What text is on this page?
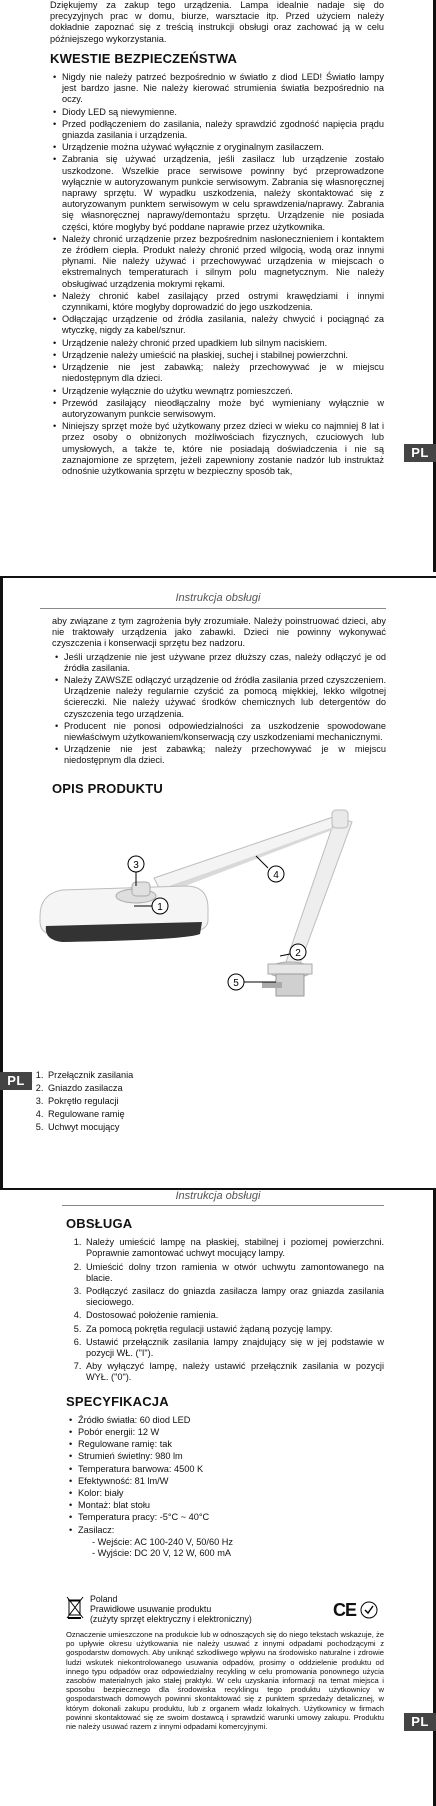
Dziękujemy za zakup tego urządzenia. Lampa idealnie nadaje się do precyzyjnych prac w domu, biurze, warsztacie itp. Przed użyciem należy dokładnie zapoznać się z treścią instrukcji obsługi oraz zachować ją w celu późniejszego wykorzystania.

KWESTIE BEZPIECZEŃSTWA
• Nigdy nie należy patrzeć bezpośrednio w światło z diod LED! Światło lampy jest bardzo jasne. Nie należy kierować strumienia światła bezpośrednio na oczy.
• Diody LED są niewymienne.
• Przed podłączeniem do zasilania, należy sprawdzić zgodność napięcia prądu gniazda zasilania i urządzenia.
• Urządzenie można używać wyłącznie z oryginalnym zasilaczem.
• Zabrania się używać urządzenia, jeśli zasilacz lub urządzenie zostało uszkodzone. Wszelkie prace serwisowe powinny być przeprowadzone wyłącznie w autoryzowanym punkcie serwisowym. Zabrania się własnoręcznej naprawy sprzętu. W wypadku uszkodzenia, należy skontaktować się z autoryzowanym punktem serwisowym w celu sprawdzenia/naprawy. Zabrania się własnoręcznej naprawy/demontażu sprzętu. Urządzenie nie posiada części, które mogłyby być poddane naprawie przez użytkownika.
• Należy chronić urządzenie przez bezpośrednim nasłonecznieniem i kontaktem ze źródłem ciepła. Produkt należy chronić przed wilgocią, wodą oraz innymi płynami. Nie należy używać i przechowywać urządzenia w miejscach o ekstremalnych temperaturach i silnym polu magnetycznym. Nie należy obsługiwać urządzenia mokrymi rękami.
• Należy chronić kabel zasilający przed ostrymi krawędziami i innymi czynnikami, które mogłyby doprowadzić do jego uszkodzenia.
• Odłączając urządzenie od źródła zasilania, należy chwycić i pociągnąć za wtyczkę, nigdy za kabel/sznur.
• Urządzenie należy chronić przed upadkiem lub silnym naciskiem.
• Urządzenie należy umieścić na płaskiej, suchej i stabilnej powierzchni.
• Urządzenie nie jest zabawką; należy przechowywać je w miejscu niedostępnym dla dzieci.
• Urządzenie wyłącznie do użytku wewnątrz pomieszczeń.
• Przewód zasilający nieodłączalny może być wymieniany wyłącznie w autoryzowanym punkcie serwisowym.
• Niniejszy sprzęt może być użytkowany przez dzieci w wieku co najmniej 8 lat i przez osoby o obniżonych możliwościach fizycznych, czuciowych lub umysłowych, a także te, które nie posiadają doświadczenia i nie są zaznajomione ze sprzętem, jeżeli zapewniony zostanie nadzór lub instruktaż odnośnie użytkowania sprzętu w bezpieczny sposób tak,
PL
Instrukcja obsługi

aby związane z tym zagrożenia były zrozumiałe. Należy poinstruować dzieci, aby nie traktowały urządzenia jako zabawki. Dzieci nie powinny wykonywać czyszczenia i konserwacji sprzętu bez nadzoru.

• Jeśli urządzenie nie jest używane przez dłuższy czas, należy odłączyć je od źródła zasilania.
• Należy ZAWSZE odłączyć urządzenie od źródła zasilania przed czyszczeniem. Urządzenie należy regularnie czyścić za pomocą miękkiej, lekko wilgotnej ściereczki. Nie należy używać środków chemicznych lub detergentów do czyszczenia tego urządzenia.
• Producent nie ponosi odpowiedzialności za uszkodzenie spowodowane niewłaściwym użytkowaniem/konserwacją czy uszkodzeniami mechanicznymi.
• Urządzenie nie jest zabawką; należy przechowywać je w miejscu niedostępnym dla dzieci.
OPIS PRODUKTU
1
2
3
4
5
PL
1.	Przełącznik zasilania
2. Gniazdo zasilacza
3. Pokrętło regulacji
4. Regulowane ramię
5. Uchwyt mocujący
Instrukcja obsługi
OBSŁUGA
1. Należy umieścić lampę na płaskiej, stabilnej i poziomej powierzchni. Poprawnie zamontować uchwyt mocujący lampy.
2. Umieścić dolny trzon ramienia w otwór uchwytu zamontowanego na blacie.
3. Podłączyć zasilacz do gniazda zasilacza lampy oraz gniazda zasilania sieciowego.
4. Dostosować położenie ramienia.
5. Za pomocą pokrętła regulacji ustawić żądaną pozycję lampy.
6. Ustawić przełącznik zasilania lampy znajdujący się w jej podstawie w pozycji WŁ. ("I").
7. Aby wyłączyć lampę, należy ustawić przełącznik zasilania w pozycji WYŁ. ("0").
SPECYFIKACJA
• Źródło światła: 60 diod LED
• Pobór energii: 12 W
• Regulowane ramię: tak
• Strumień świetlny: 980 lm
• Temperatura barwowa: 4500 K
• Efektywność: 81 lm/W
• Kolor: biały
• Montaż: blat stołu
• Temperatura pracy: -5°C ~ 40°C
• Zasilacz:
- Wejście: AC 100-240 V, 50/60 Hz
- Wyjście: DC 20 V, 12 W, 600 mA
Poland
Prawidłowe usuwanie produktu
(zużyty sprzęt elektryczny i elektroniczny)	CE
Oznaczenie umieszczone na produkcie lub w odnoszących się do niego tekstach wskazuje, że po upływie okresu użytkowania nie należy usuwać z innymi odpadami pochodzącymi z gospodarstw domowych. Aby uniknąć szkodliwego wpływu na środowisko naturalne i zdrowie ludzi wskutek niekontrolowanego usuwania odpadów, prosimy o oddzielenie produktu od innego typu odpadów oraz odpowiedzialny recykling w celu promowania ponownego użycia zasobów materialnych jako stałej praktyki. W celu uzyskania informacji na temat miejsca i sposobu bezpiecznego dla środowiska recyklingu tego produktu użytkownicy w gospodarstwach domowych powinni skontaktować się z punktem sprzedaży detalicznej, w którym dokonali zakupu produktu, lub z organem władz lokalnych. Użytkownicy w firmach powinni skontaktować się ze swoim dostawcą i sprawdzić warunki umowy zakupu. Produktu nie należy usuwać razem z innymi odpadami komercyjnymi.	PL
